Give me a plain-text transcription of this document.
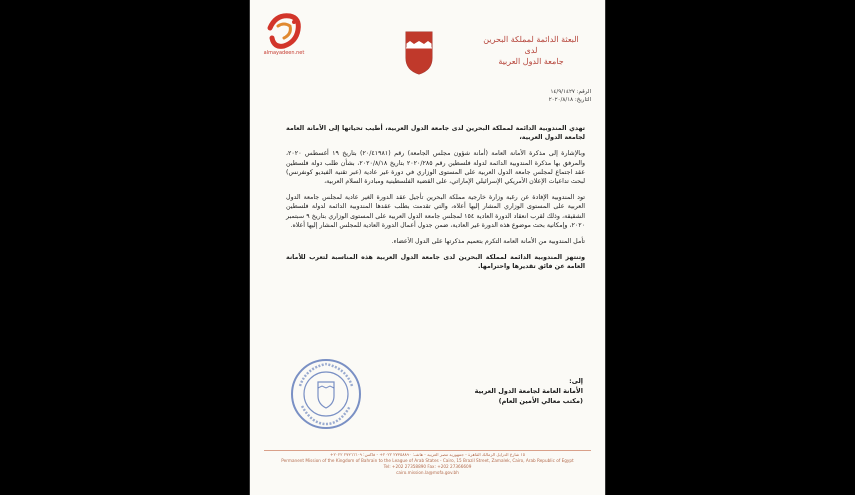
almayadeen.net
البعثة الدائمة لمملكة البحرين
لدى
جامعة الدول العربية
الرقم: ١٤/٩/١٤٢٧
التاريخ: ٢٠٢٠/٨/١٨

تهدي المندوبية الدائمة لمملكة البحرين لدى جامعة الدول العربية، أطيب تحياتها إلى الأمانة العامة لجامعة الدول العربية،

وبالإشارة إلى مذكرة الأمانة العامة (أمانة شؤون مجلس الجامعة) رقم (٢٠/٤١٩٨١) بتاريخ ١٩ أغسطس ٢٠٢٠، والمرفق بها مذكرة المندوبية الدائمة لدولة فلسطين رقم ٢٠٢٠/٢٨٥ بتاريخ ٢٠٢٠/٨/١٨، بشأن طلب دولة فلسطين عقد اجتماع لمجلس جامعة الدول العربية على المستوى الوزاري في دورة غير عادية (عبر تقنية الفيديو كونفرنس) لبحث تداعيات الإعلان الأمريكي الإسرائيلي الإماراتي، على القضية الفلسطينية ومبادرة السلام العربية،

تود المندوبية الإفادة عن رغبة وزارة خارجية مملكة البحرين تأجيل عقد الدورة الغير عادية لمجلس جامعة الدول العربية على المستوى الوزاري المشار إليها أعلاه، والتي تقدمت بطلب عقدها المندوبية الدائمة لدولة فلسطين الشقيقة، وذلك لقرب انعقاد الدورة العادية ١٥٤ لمجلس جامعة الدول العربية على المستوى الوزاري بتاريخ ٩ سبتمبر ٢٠٢٠، وإمكانية بحث موضوع هذه الدورة غير العادية، ضمن جدول أعمال الدورة العادية للمجلس المشار إليها أعلاه.

تأمل المندوبية من الأمانة العامة التكرم بتعميم مذكرتها على الدول الأعضاء.

وتنتهز المندوبية الدائمة لمملكة البحرين لدى جامعة الدول العربية هذه المناسبة لتعرب للأمانة العامة عن فائق تقديرها واحترامها.

إلى:
الأمانة العامة لجامعة الدول العربية
(مكتب معالي الأمين العام)
١٥ شارع الدرايل الزمالك القاهرة - جمهورية مصر العربية - هاتف: ٢٧٣٥٨٨٩٠ ٢٠٢٢+ - فاكس: ٢٧٣٦٦٦٠٩ ٢٠٢٢+
Permanent Mission of the Kingdom of Bahrain to the League of Arab States - Cairo, 15 Brazil Street, Zamalek, Cairo, Arab Republic of Egypt
Tel: +202 27358890 Fax: +202 27366609
cairo.mission.la@mofa.gov.bh
